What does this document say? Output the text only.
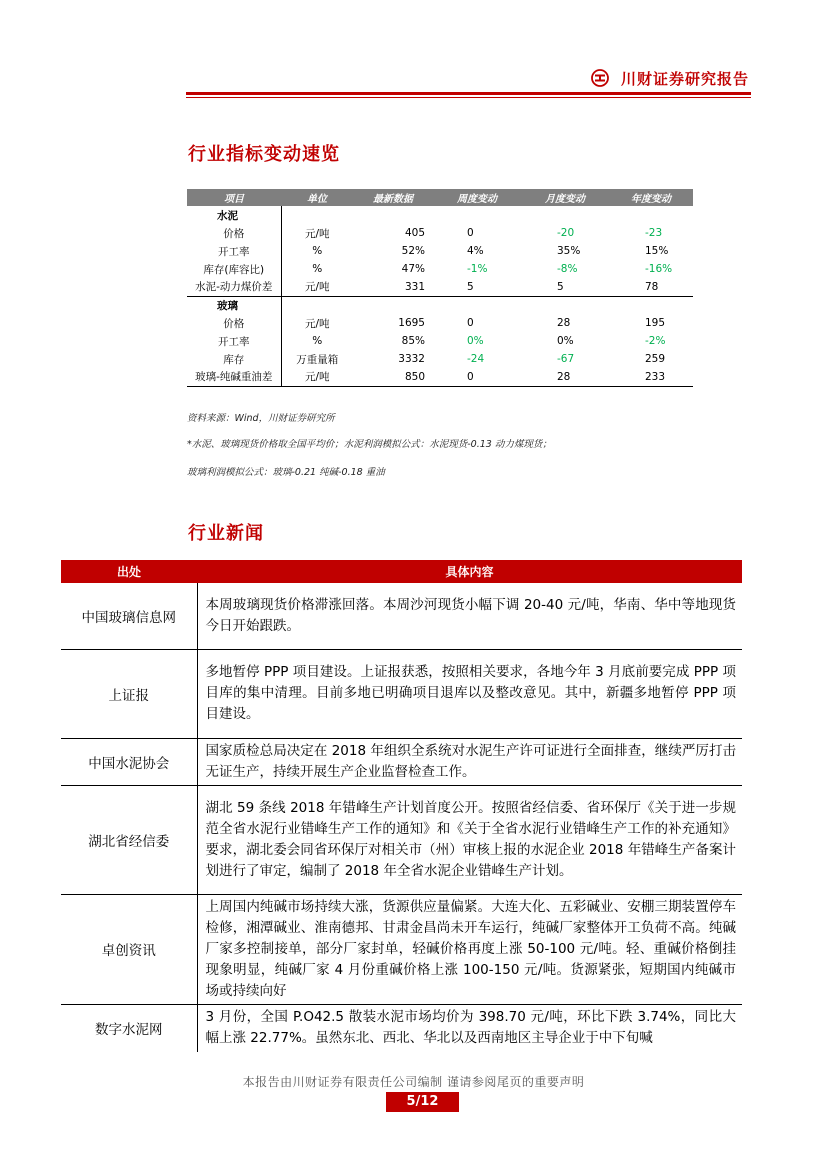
川财证券研究报告
行业指标变动速览
项目	单位	最新数据	周度变动	月度变动	年度变动
水泥					
价格	元/吨	405	0	-20	-23
开工率	%	52%	4%	35%	15%
库存(库容比)	%	47%	-1%	-8%	-16%
水泥-动力煤价差	元/吨	331	5	5	78
玻璃					
价格	元/吨	1695	0	28	195
开工率	%	85%	0%	0%	-2%
库存	万重量箱	3332	-24	-67	259
玻璃-纯碱重油差	元/吨	850	0	28	233
资料来源：Wind，川财证券研究所
*水泥、玻璃现货价格取全国平均价；水泥利润模拟公式：水泥现货-0.13 动力煤现货；
玻璃利润模拟公式：玻璃-0.21 纯碱-0.18 重油
行业新闻
出处	具体内容
中国玻璃信息网	本周玻璃现货价格滞涨回落。本周沙河现货小幅下调 20-40 元/吨，华南、华中等地现货今日开始跟跌。
上证报	多地暂停 PPP 项目建设。上证报获悉，按照相关要求，各地今年 3 月底前要完成 PPP 项目库的集中清理。目前多地已明确项目退库以及整改意见。其中，新疆多地暂停 PPP 项目建设。
中国水泥协会	国家质检总局决定在 2018 年组织全系统对水泥生产许可证进行全面排查，继续严厉打击无证生产，持续开展生产企业监督检查工作。
湖北省经信委	湖北 59 条线 2018 年错峰生产计划首度公开。按照省经信委、省环保厅《关于进一步规范全省水泥行业错峰生产工作的通知》和《关于全省水泥行业错峰生产工作的补充通知》要求，湖北委会同省环保厅对相关市（州）审核上报的水泥企业 2018 年错峰生产备案计划进行了审定，编制了 2018 年全省水泥企业错峰生产计划。
卓创资讯	上周国内纯碱市场持续大涨，货源供应量偏紧。大连大化、五彩碱业、安棚三期装置停车检修，湘潭碱业、淮南德邦、甘肃金昌尚未开车运行，纯碱厂家整体开工负荷不高。纯碱厂家多控制接单，部分厂家封单，轻碱价格再度上涨 50-100 元/吨。轻、重碱价格倒挂现象明显，纯碱厂家 4 月份重碱价格上涨 100-150 元/吨。货源紧张，短期国内纯碱市场或持续向好
数字水泥网	3 月份，全国 P.O42.5 散装水泥市场均价为 398.70 元/吨，环比下跌 3.74%，同比大幅上涨 22.77%。虽然东北、西北、华北以及西南地区主导企业于中下旬喊
本报告由川财证券有限责任公司编制 谨请参阅尾页的重要声明
5/12
